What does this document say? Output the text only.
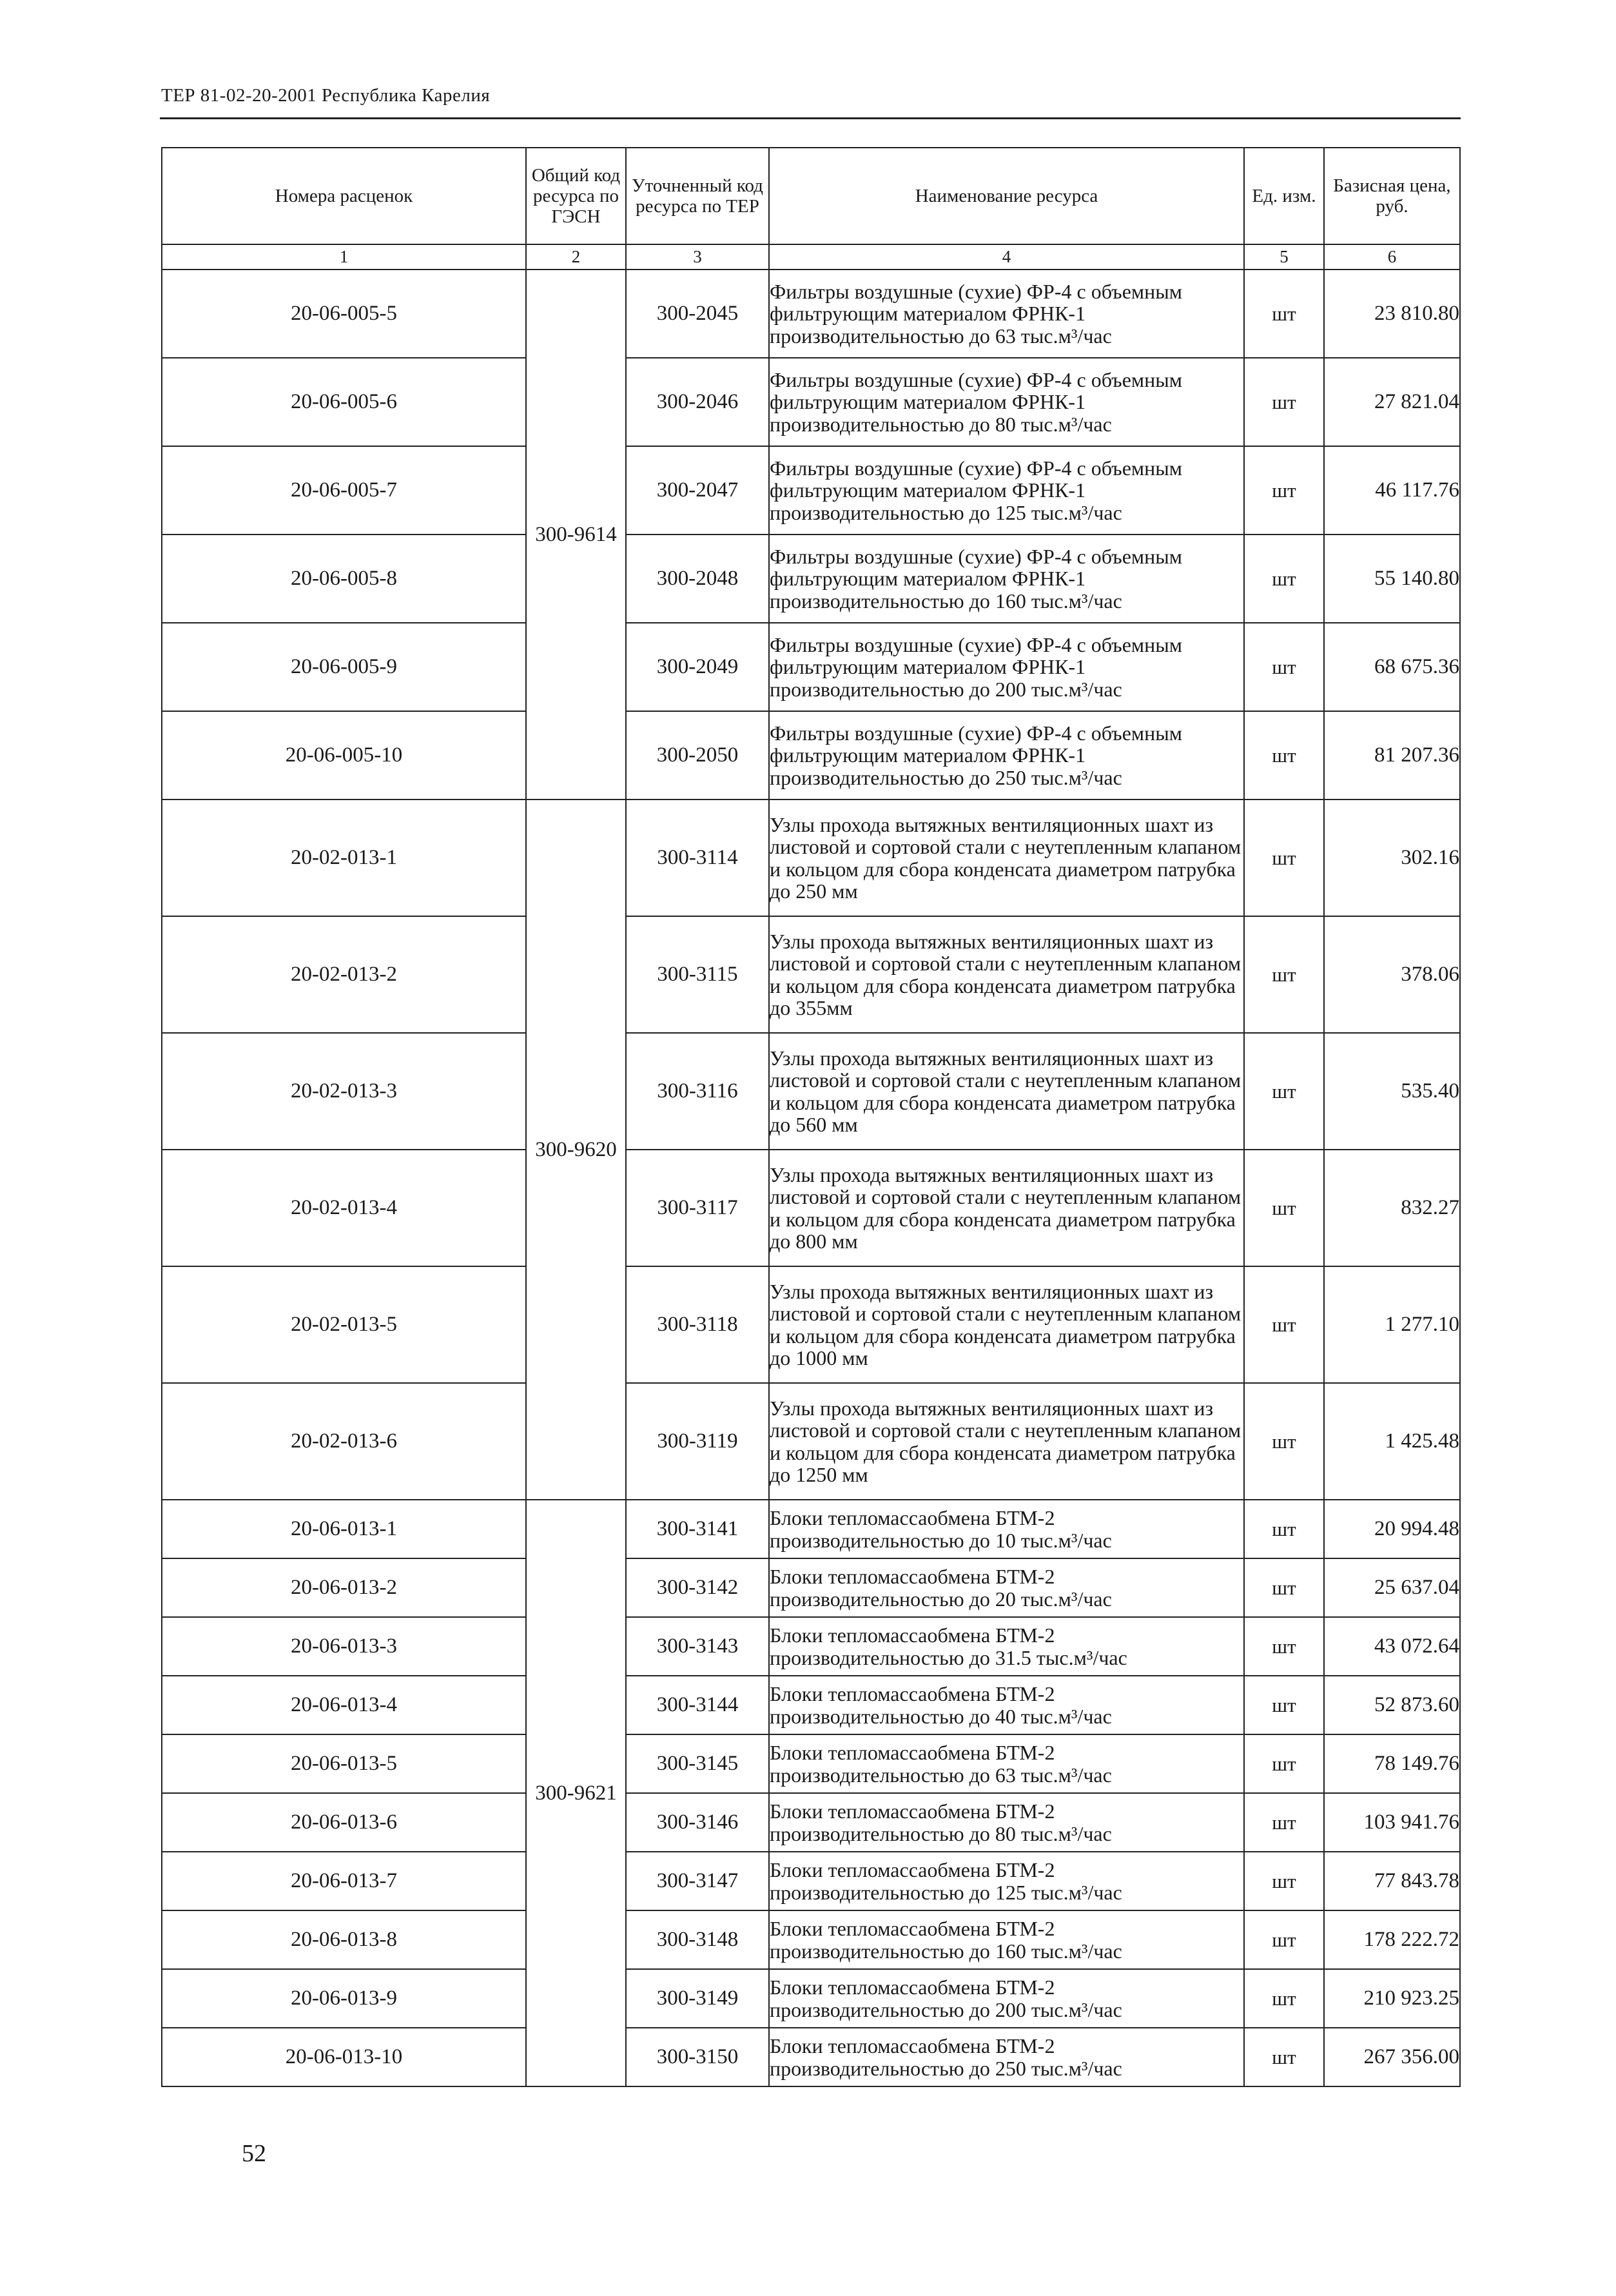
ТЕР 81-02-20-2001 Республика Карелия
Номера расценок	Общий код ресурса по ГЭСН	Уточненный код ресурса по ТЕР	Наименование ресурса	Ед. изм.	Базисная цена, руб.
1	2	3	4	5	6
20-06-005-5	300-9614	300-2045	Фильтры воздушные (сухие) ФР-4 с объемным фильтрующим материалом ФРНК-1 производительностью до 63 тыс.м³/час	шт	23 810.80
20-06-005-6		300-2046	Фильтры воздушные (сухие) ФР-4 с объемным фильтрующим материалом ФРНК-1 производительностью до 80 тыс.м³/час	шт	27 821.04
20-06-005-7		300-2047	Фильтры воздушные (сухие) ФР-4 с объемным фильтрующим материалом ФРНК-1 производительностью до 125 тыс.м³/час	шт	46 117.76
20-06-005-8		300-2048	Фильтры воздушные (сухие) ФР-4 с объемным фильтрующим материалом ФРНК-1 производительностью до 160 тыс.м³/час	шт	55 140.80
20-06-005-9		300-2049	Фильтры воздушные (сухие) ФР-4 с объемным фильтрующим материалом ФРНК-1 производительностью до 200 тыс.м³/час	шт	68 675.36
20-06-005-10		300-2050	Фильтры воздушные (сухие) ФР-4 с объемным фильтрующим материалом ФРНК-1 производительностью до 250 тыс.м³/час	шт	81 207.36
20-02-013-1	300-9620	300-3114	Узлы прохода вытяжных вентиляционных шахт из листовой и сортовой стали с неутепленным клапаном и кольцом для сбора конденсата диаметром патрубка до 250 мм	шт	302.16
20-02-013-2		300-3115	Узлы прохода вытяжных вентиляционных шахт из листовой и сортовой стали с неутепленным клапаном и кольцом для сбора конденсата диаметром патрубка до 355мм	шт	378.06
20-02-013-3		300-3116	Узлы прохода вытяжных вентиляционных шахт из листовой и сортовой стали с неутепленным клапаном и кольцом для сбора конденсата диаметром патрубка до 560 мм	шт	535.40
20-02-013-4		300-3117	Узлы прохода вытяжных вентиляционных шахт из листовой и сортовой стали с неутепленным клапаном и кольцом для сбора конденсата диаметром патрубка до 800 мм	шт	832.27
20-02-013-5		300-3118	Узлы прохода вытяжных вентиляционных шахт из листовой и сортовой стали с неутепленным клапаном и кольцом для сбора конденсата диаметром патрубка до 1000 мм	шт	1 277.10
20-02-013-6		300-3119	Узлы прохода вытяжных вентиляционных шахт из листовой и сортовой стали с неутепленным клапаном и кольцом для сбора конденсата диаметром патрубка до 1250 мм	шт	1 425.48
20-06-013-1	300-9621	300-3141	Блоки тепломассаобмена БТМ-2 производительностью до 10 тыс.м³/час	шт	20 994.48
20-06-013-2		300-3142	Блоки тепломассаобмена БТМ-2 производительностью до 20 тыс.м³/час	шт	25 637.04
20-06-013-3		300-3143	Блоки тепломассаобмена БТМ-2 производительностью до 31.5 тыс.м³/час	шт	43 072.64
20-06-013-4		300-3144	Блоки тепломассаобмена БТМ-2 производительностью до 40 тыс.м³/час	шт	52 873.60
20-06-013-5		300-3145	Блоки тепломассаобмена БТМ-2 производительностью до 63 тыс.м³/час	шт	78 149.76
20-06-013-6		300-3146	Блоки тепломассаобмена БТМ-2 производительностью до 80 тыс.м³/час	шт	103 941.76
20-06-013-7		300-3147	Блоки тепломассаобмена БТМ-2 производительностью до 125 тыс.м³/час	шт	77 843.78
20-06-013-8		300-3148	Блоки тепломассаобмена БТМ-2 производительностью до 160 тыс.м³/час	шт	178 222.72
20-06-013-9		300-3149	Блоки тепломассаобмена БТМ-2 производительностью до 200 тыс.м³/час	шт	210 923.25
20-06-013-10		300-3150	Блоки тепломассаобмена БТМ-2 производительностью до 250 тыс.м³/час	шт	267 356.00
52
